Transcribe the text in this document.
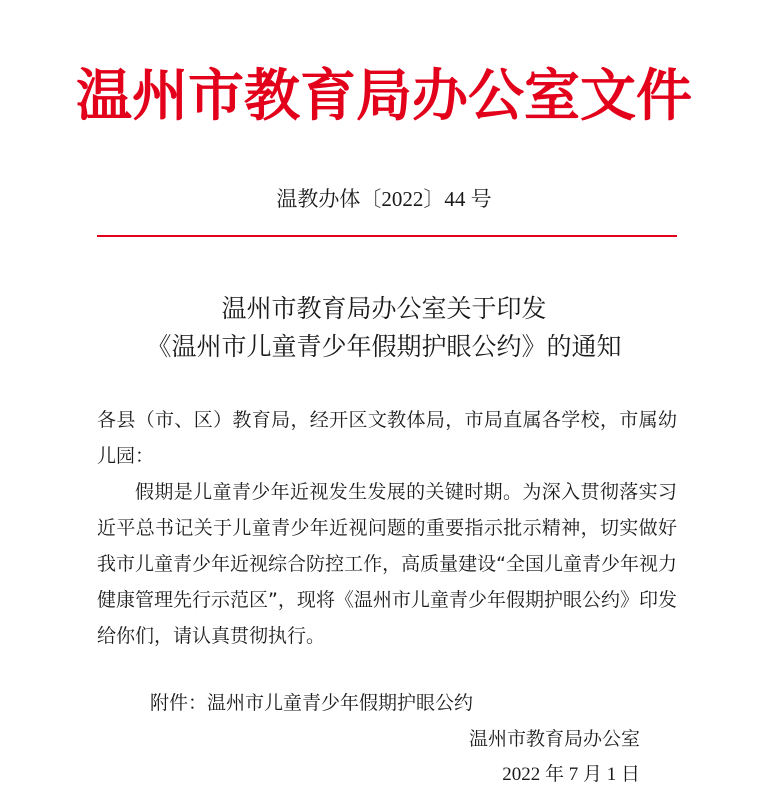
温州市教育局办公室文件
温教办体〔2022〕44 号
温州市教育局办公室关于印发
《温州市儿童青少年假期护眼公约》的通知

各县（市、区）教育局，经开区文教体局，市局直属各学校，市属幼儿园：

假期是儿童青少年近视发生发展的关键时期。为深入贯彻落实习近平总书记关于儿童青少年近视问题的重要指示批示精神，切实做好我市儿童青少年近视综合防控工作，高质量建设“全国儿童青少年视力健康管理先行示范区”，现将《温州市儿童青少年假期护眼公约》印发给你们，请认真贯彻执行。

附件：温州市儿童青少年假期护眼公约
温州市教育局办公室
2022 年 7 月 1 日
